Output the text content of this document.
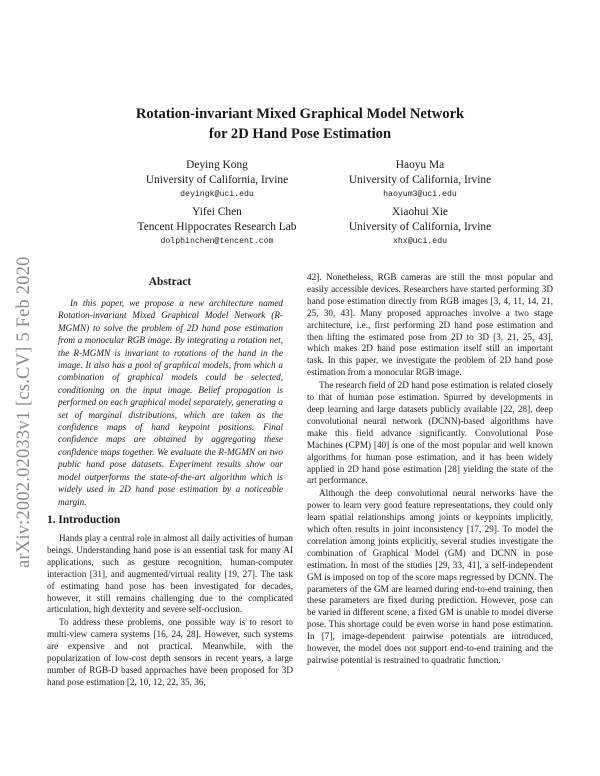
arXiv:2002.02033v1 [cs.CV] 5 Feb 2020
Rotation-invariant Mixed Graphical Model Network
for 2D Hand Pose Estimation
Deying Kong
University of California, Irvine
deyingk@uci.edu
Haoyu Ma
University of California, Irvine
haoyum3@uci.edu
Yifei Chen
Tencent Hippocrates Research Lab
dolphinchen@tencent.com
Xiaohui Xie
University of California, Irvine
xhx@uci.edu
Abstract

In this paper, we propose a new architecture named Rotation-invariant Mixed Graphical Model Network (R-MGMN) to solve the problem of 2D hand pose estimation from a monocular RGB image. By integrating a rotation net, the R-MGMN is invariant to rotations of the hand in the image. It also has a pool of graphical models, from which a combination of graphical models could be selected, conditioning on the input image. Belief propagation is performed on each graphical model separately, generating a set of marginal distributions, which are taken as the confidence maps of hand keypoint positions. Final confidence maps are obtained by aggregating these confidence maps together. We evaluate the R-MGMN on two public hand pose datasets. Experiment results show our model outperforms the state-of-the-art algorithm which is widely used in 2D hand pose estimation by a noticeable margin.

1. Introduction

Hands play a central role in almost all daily activities of human beings. Understanding hand pose is an essential task for many AI applications, such as gesture recognition, human-computer interaction [31], and augmented/virtual reality [19, 27]. The task of estimating hand pose has been investigated for decades, however, it still remains challenging due to the complicated articulation, high dexterity and severe self-occlusion.

To address these problems, one possible way is to resort to multi-view camera systems [16, 24, 28]. However, such systems are expensive and not practical. Meanwhile, with the popularization of low-cost depth sensors in recent years, a large number of RGB-D based approaches have been proposed for 3D hand pose estimation [2, 10, 12, 22, 35, 36,

42]. Nonetheless, RGB cameras are still the most popular and easily accessible devices. Researchers have started performing 3D hand pose estimation directly from RGB images [3, 4, 11, 14, 21, 25, 30, 43]. Many proposed approaches involve a two stage architecture, i.e., first performing 2D hand pose estimation and then lifting the estimated pose from 2D to 3D [3, 21, 25, 43], which makes 2D hand pose estimation itself still an important task. In this paper, we investigate the problem of 2D hand pose estimation from a monocular RGB image.

The research field of 2D hand pose estimation is related closely to that of human pose estimation. Spurred by developments in deep learning and large datasets publicly available [22, 28], deep convolutional neural network (DCNN)-based algorithms have make this field advance significantly. Convolutional Pose Machines (CPM) [40] is one of the most popular and well known algorithms for human pose estimation, and it has been widely applied in 2D hand pose estimation [28] yielding the state of the art performance.

Although the deep convolutional neural networks have the power to learn very good feature representations, they could only learn spatial relationships among joints or keypoints implicitly, which often results in joint inconsistency [17, 29]. To model the correlation among joints explicitly, several studies investigate the combination of Graphical Model (GM) and DCNN in pose estimation. In most of the studies [29, 33, 41], a self-independent GM is imposed on top of the score maps regressed by DCNN. The parameters of the GM are learned during end-to-end training, then these parameters are fixed during prediction. However, pose can be varied in different scene, a fixed GM is unable to model diverse pose. This shortage could be even worse in hand pose estimation. In [7], image-dependent pairwise potentials are introduced, however, the model does not support end-to-end training and the pairwise potential is restrained to quadratic function.
